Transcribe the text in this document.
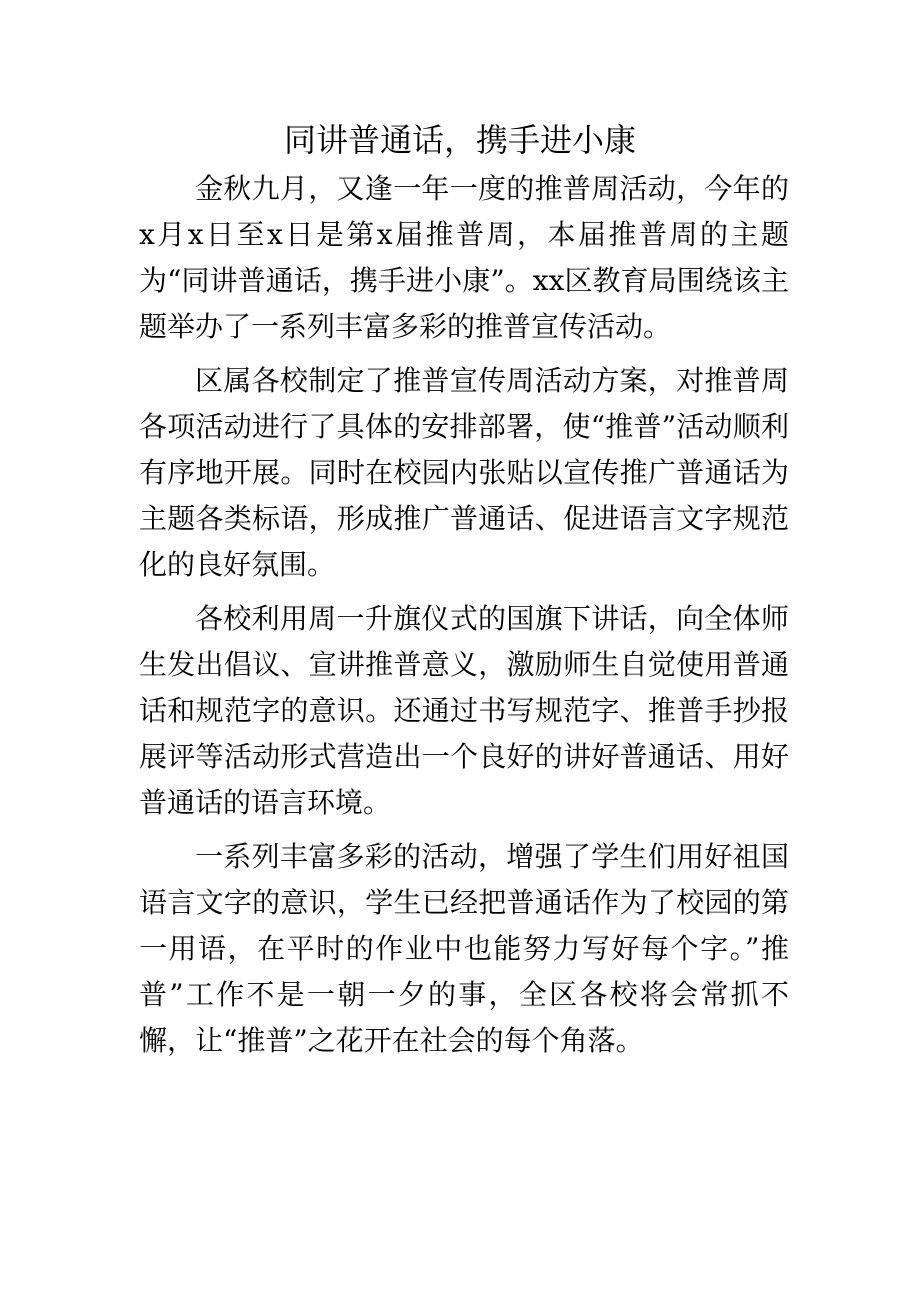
同讲普通话，携手进小康

金秋九月，又逢一年一度的推普周活动，今年的x月x日至x日是第x届推普周，本届推普周的主题为“同讲普通话，携手进小康”。xx区教育局围绕该主题举办了一系列丰富多彩的推普宣传活动。

区属各校制定了推普宣传周活动方案，对推普周各项活动进行了具体的安排部署，使“推普”活动顺利有序地开展。同时在校园内张贴以宣传推广普通话为主题各类标语，形成推广普通话、促进语言文字规范化的良好氛围。

各校利用周一升旗仪式的国旗下讲话，向全体师生发出倡议、宣讲推普意义，激励师生自觉使用普通话和规范字的意识。还通过书写规范字、推普手抄报展评等活动形式营造出一个良好的讲好普通话、用好普通话的语言环境。

一系列丰富多彩的活动，增强了学生们用好祖国语言文字的意识，学生已经把普通话作为了校园的第一用语，在平时的作业中也能努力写好每个字。”推普”工作不是一朝一夕的事，全区各校将会常抓不懈，让“推普”之花开在社会的每个角落。
